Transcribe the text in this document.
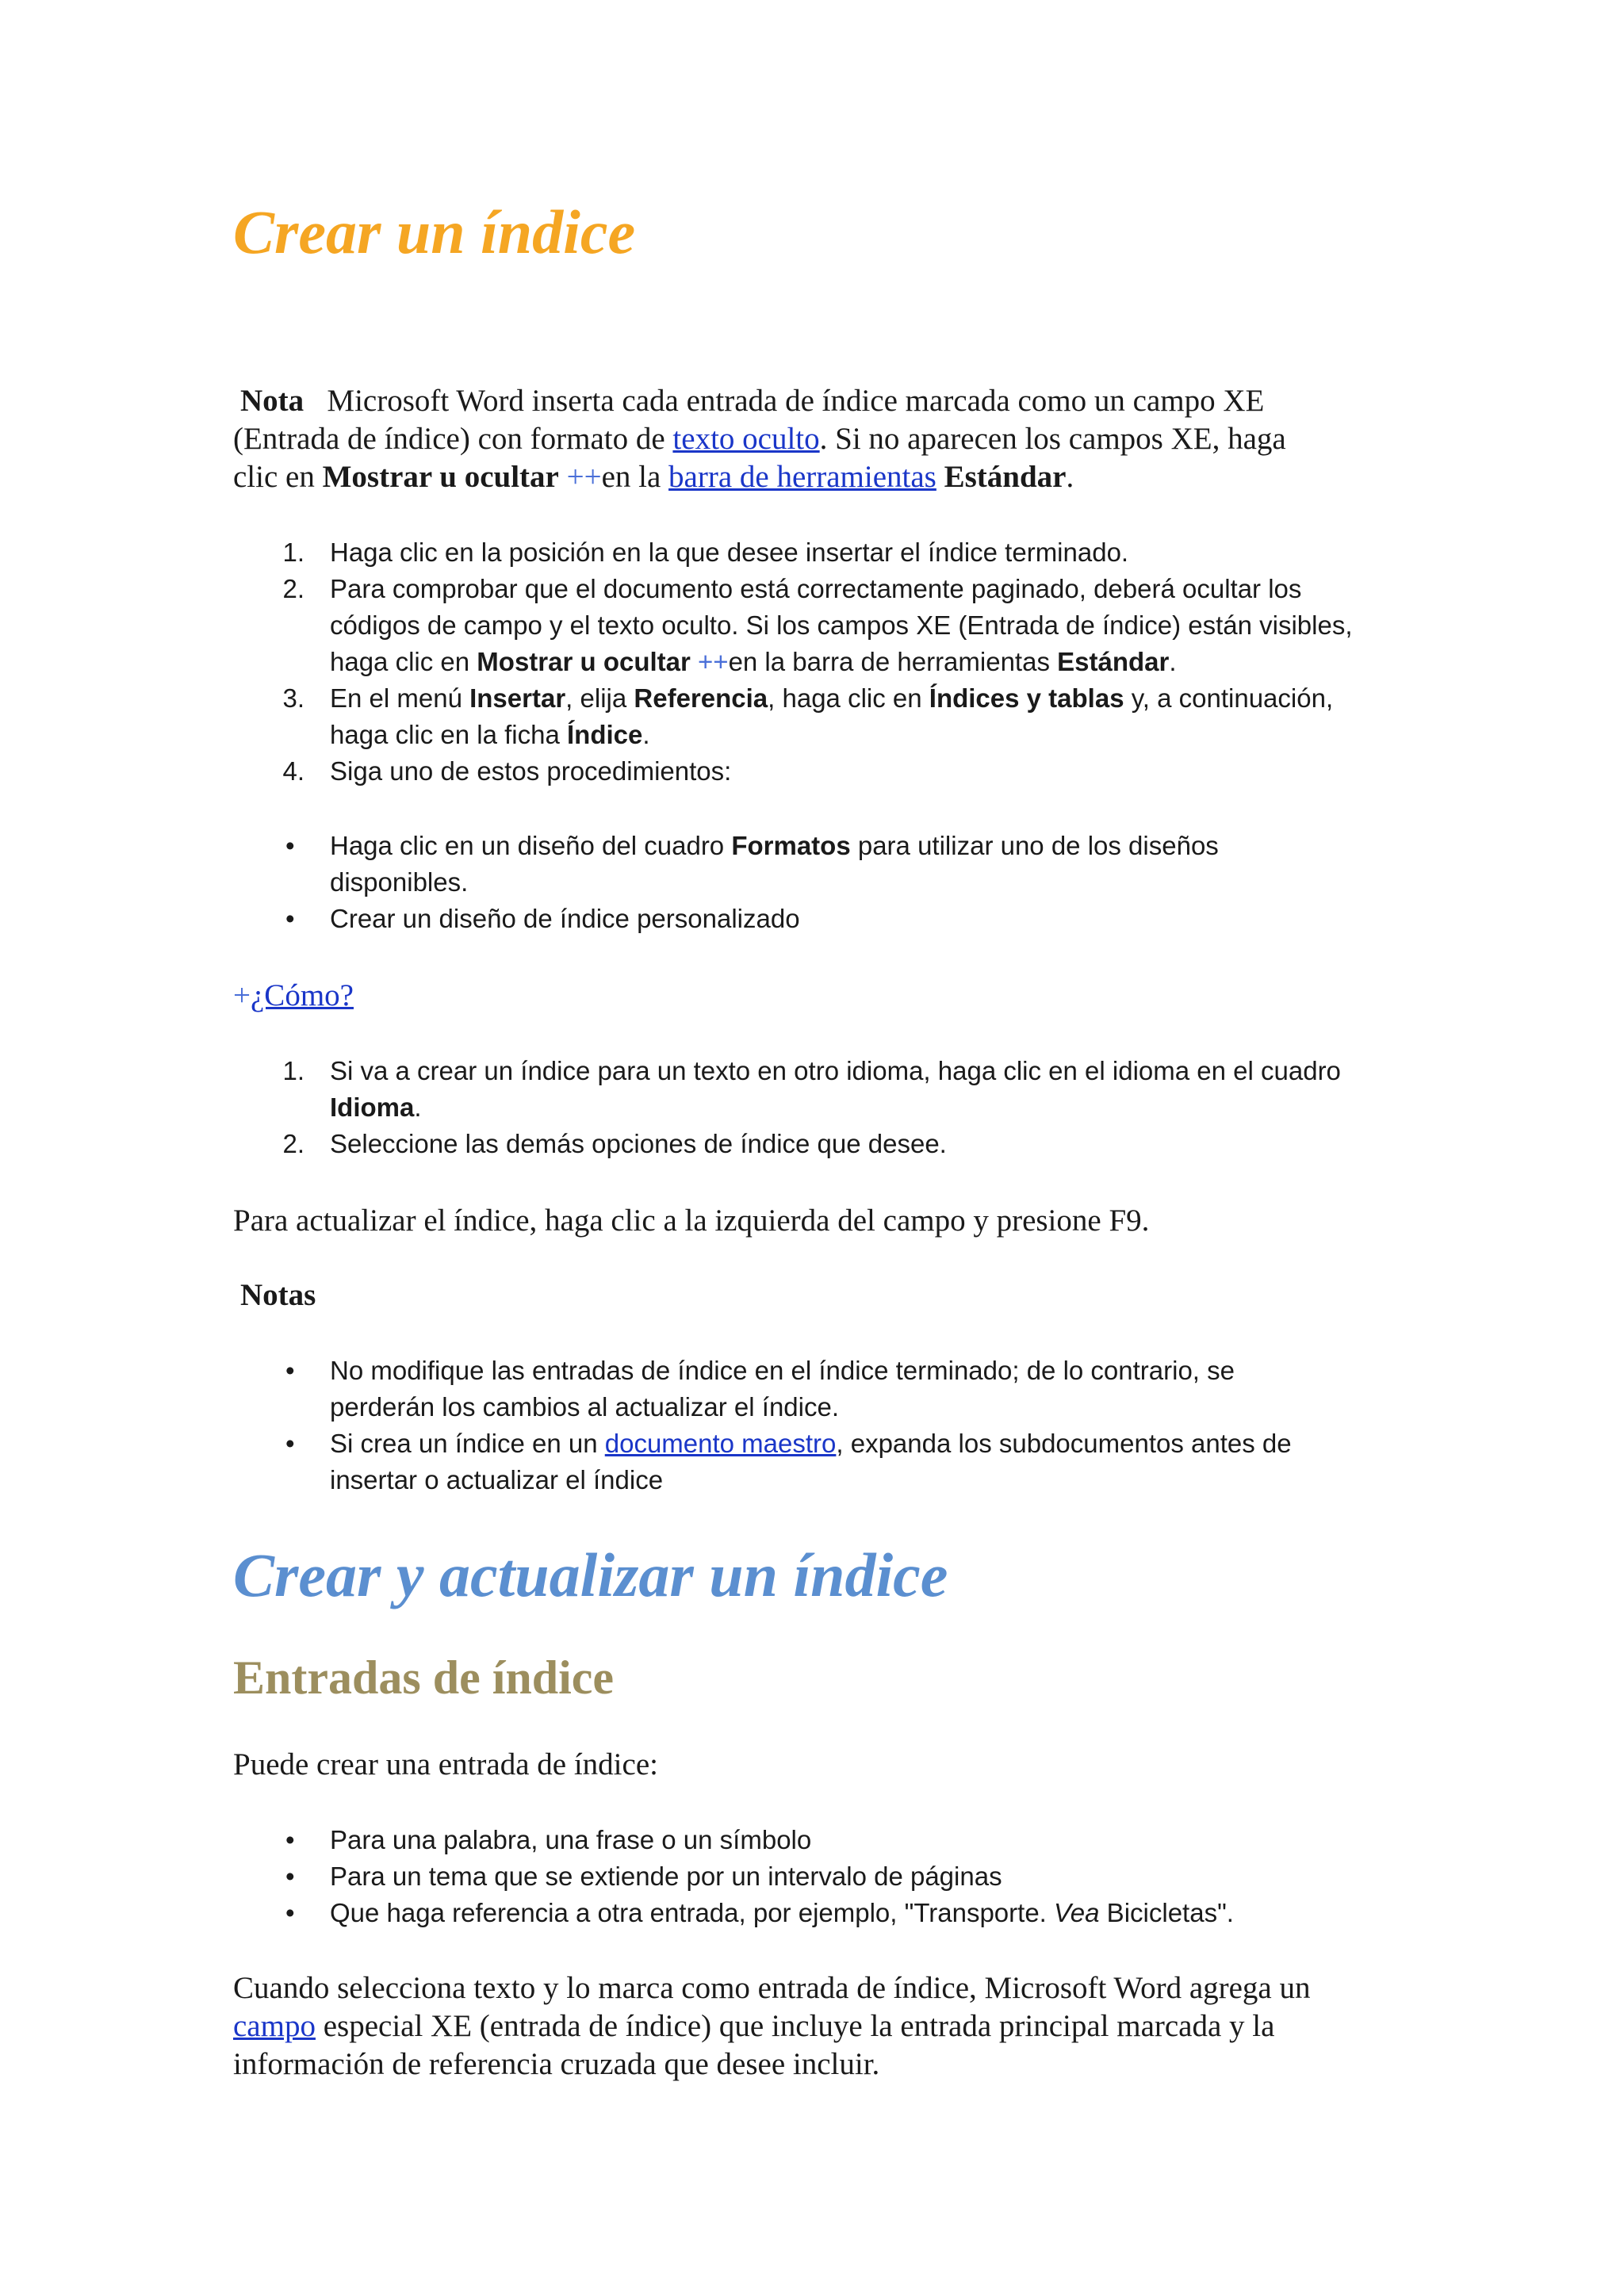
Crear un índice
Nota Microsoft Word inserta cada entrada de índice marcada como un campo XE
(Entrada de índice) con formato de texto oculto. Si no aparecen los campos XE, haga
clic en Mostrar u ocultar ++en la barra de herramientas Estándar.
1. Haga clic en la posición en la que desee insertar el índice terminado.
2. Para comprobar que el documento está correctamente paginado, deberá ocultar los
códigos de campo y el texto oculto. Si los campos XE (Entrada de índice) están visibles,
haga clic en Mostrar u ocultar ++en la barra de herramientas Estándar.
3. En el menú Insertar, elija Referencia, haga clic en Índices y tablas y, a continuación,
haga clic en la ficha Índice.
4. Siga uno de estos procedimientos:
• Haga clic en un diseño del cuadro Formatos para utilizar uno de los diseños
disponibles.
• Crear un diseño de índice personalizado
+¿Cómo?
1. Si va a crear un índice para un texto en otro idioma, haga clic en el idioma en el cuadro
Idioma.
2. Seleccione las demás opciones de índice que desee.
Para actualizar el índice, haga clic a la izquierda del campo y presione F9.
Notas
• No modifique las entradas de índice en el índice terminado; de lo contrario, se
perderán los cambios al actualizar el índice.
• Si crea un índice en un documento maestro, expanda los subdocumentos antes de
insertar o actualizar el índice
Crear y actualizar un índice
Entradas de índice
Puede crear una entrada de índice:
• Para una palabra, una frase o un símbolo
• Para un tema que se extiende por un intervalo de páginas
• Que haga referencia a otra entrada, por ejemplo, "Transporte. Vea Bicicletas".
Cuando selecciona texto y lo marca como entrada de índice, Microsoft Word agrega un
campo especial XE (entrada de índice) que incluye la entrada principal marcada y la
información de referencia cruzada que desee incluir.
